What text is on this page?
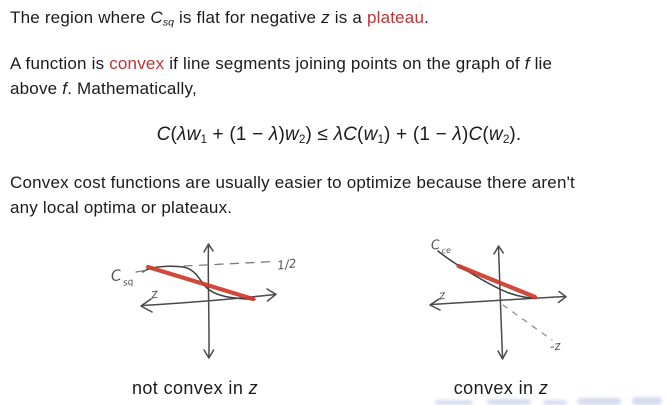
The region where $C_{sq}$ is flat for negative z is a plateau.
A function is convex if line segments joining points on the graph of f lie
above f. Mathematically,
$C(\lambda w_1 + (1 - \lambda)w_2) \le \lambda C(w_1) + (1 - \lambda)C(w_2)$.
Convex cost functions are usually easier to optimize because there aren't
any local optima or plateaux.
C sq
z
1/2
C ce
z
-z
not convex in z	convex in z
